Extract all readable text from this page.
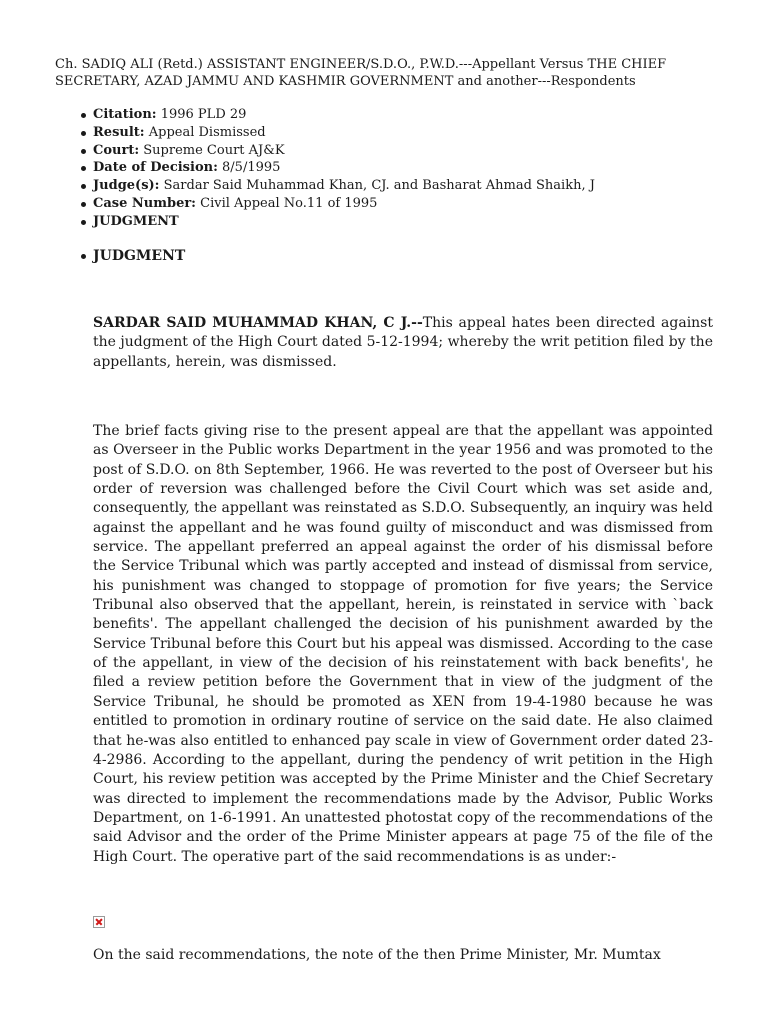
Ch. SADIQ ALI (Retd.) ASSISTANT ENGINEER/S.D.O., P.W.D.---Appellant Versus THE CHIEF SECRETARY, AZAD JAMMU AND KASHMIR GOVERNMENT and another---Respondents
Citation: 1996 PLD 29
Result: Appeal Dismissed
Court: Supreme Court AJ&K
Date of Decision: 8/5/1995
Judge(s): Sardar Said Muhammad Khan, CJ. and Basharat Ahmad Shaikh, J
Case Number: Civil Appeal No.11 of 1995
JUDGMENT
JUDGMENT

SARDAR SAID MUHAMMAD KHAN, C J.--This appeal hates been directed against the judgment of the High Court dated 5-12-1994; whereby the writ petition filed by the appellants, herein, was dismissed.

The brief facts giving rise to the present appeal are that the appellant was appointed as Overseer in the Public works Department in the year 1956 and was promoted to the post of S.D.O. on 8th September, 1966. He was reverted to the post of Overseer but his order of reversion was challenged before the Civil Court which was set aside and, consequently, the appellant was reinstated as S.D.O. Subsequently, an inquiry was held against the appellant and he was found guilty of misconduct and was dismissed from service. The appellant preferred an appeal against the order of his dismissal before the Service Tribunal which was partly accepted and instead of dismissal from service, his punishment was changed to stoppage of promotion for five years; the Service Tribunal also observed that the appellant, herein, is reinstated in service with `back benefits'. The appellant challenged the decision of his punishment awarded by the Service Tribunal before this Court but his appeal was dismissed. According to the case of the appellant, in view of the decision of his reinstatement with back benefits', he filed a review petition before the Government that in view of the judgment of the Service Tribunal, he should be promoted as XEN from 19-4-1980 because he was entitled to promotion in ordinary routine of service on the said date. He also claimed that he-was also entitled to enhanced pay scale in view of Government order dated 23-4-2986. According to the appellant, during the pendency of writ petition in the High Court, his review petition was accepted by the Prime Minister and the Chief Secretary was directed to implement the recommendations made by the Advisor, Public Works Department, on 1-6-1991. An unattested photostat copy of the recommendations of the said Advisor and the order of the Prime Minister appears at page 75 of the file of the High Court. The operative part of the said recommendations is as under:-

On the said recommendations, the note of the then Prime Minister, Mr. Mumtax
